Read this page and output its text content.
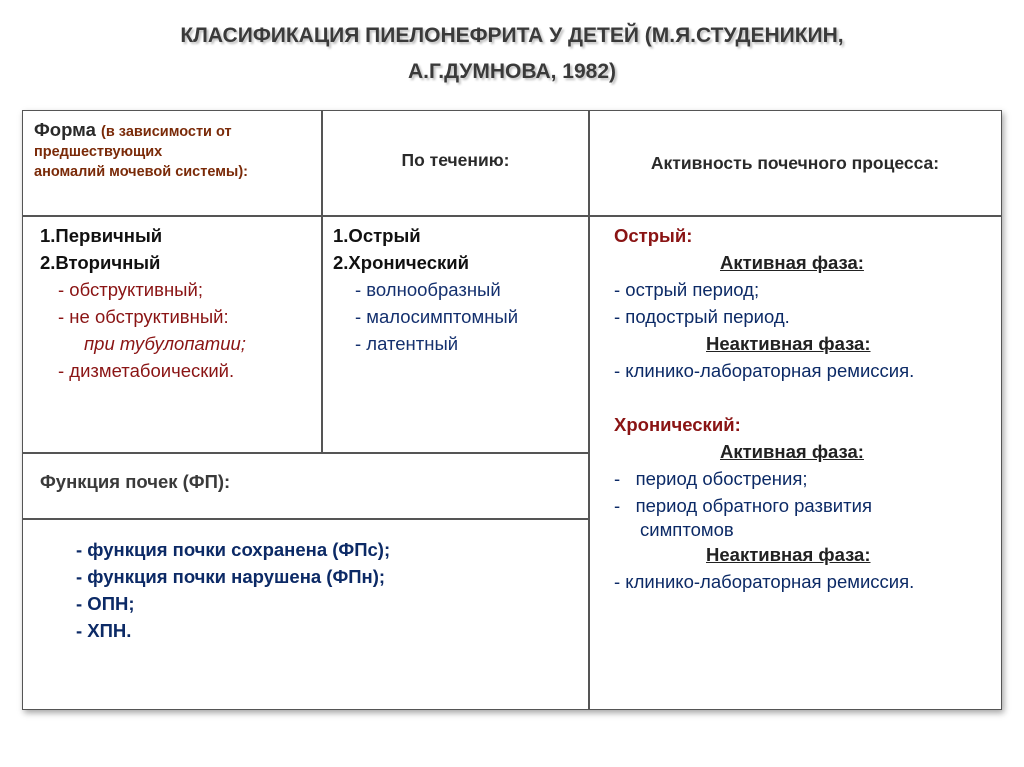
КЛАСИФИКАЦИЯ ПИЕЛОНЕФРИТА У ДЕТЕЙ (М.Я.СТУДЕНИКИН,
А.Г.ДУМНОВА, 1982)
Форма (в зависимости от
предшествующих
аномалий мочевой системы):
По течению:	Активность почечного процесса:
1.Первичный
2.Вторичный
- обструктивный;
- не обструктивный:
при тубулопатии;
- дизметабоический.
1.Острый
2.Хронический
- волнообразный
- малосимптомный
- латентный
Острый:
Активная фаза:
- острый период;
- подострый период.
Неактивная фаза:
- клинико-лабораторная ремиссия.
Хронический:
Активная фаза:
-   период обострения;
-   период обратного развития
симптомов
Неактивная фаза:
- клинико-лабораторная ремиссия.
Функция почек (ФП):
- функция почки сохранена (ФПс);
- функция почки нарушена (ФПн);
- ОПН;
- ХПН.
